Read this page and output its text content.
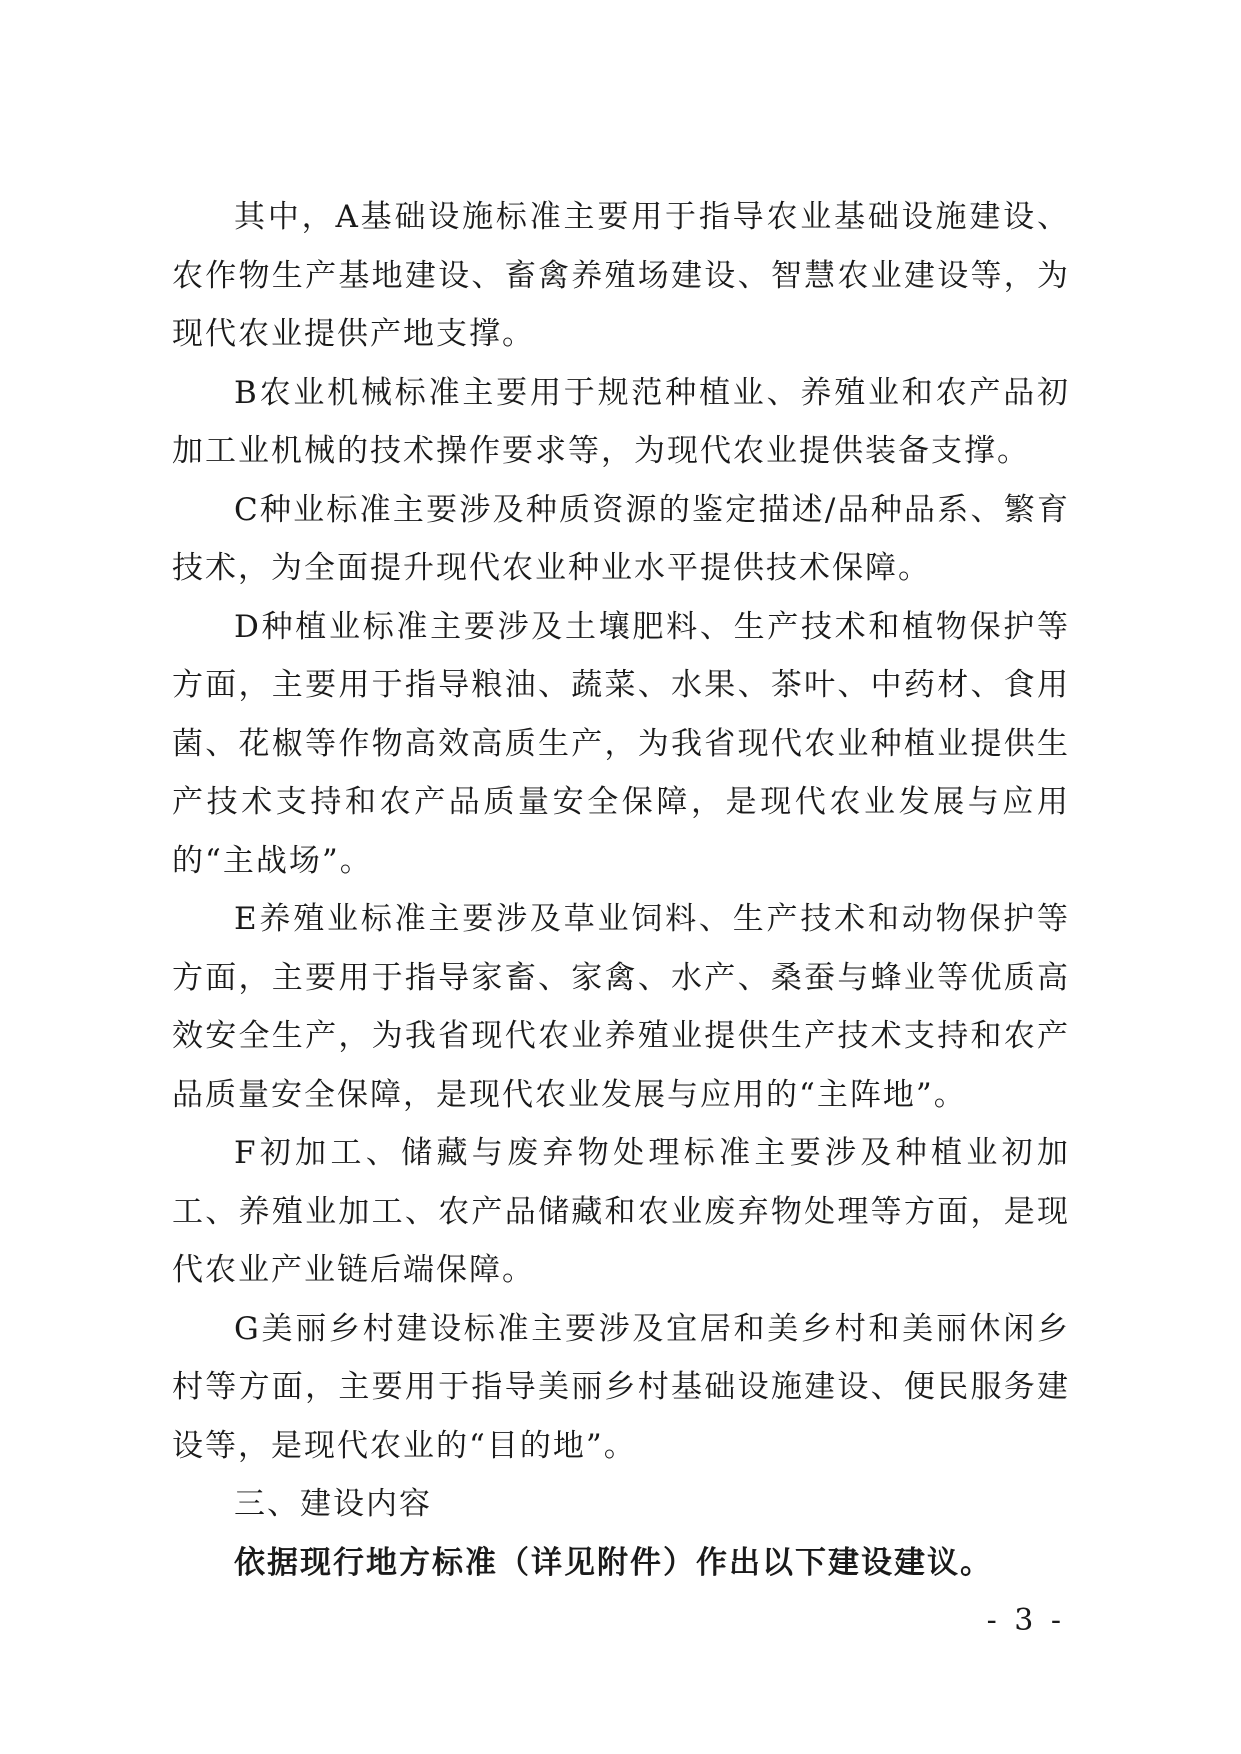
其中，A基础设施标准主要用于指导农业基础设施建设、农作物生产基地建设、畜禽养殖场建设、智慧农业建设等，为现代农业提供产地支撑。

B农业机械标准主要用于规范种植业、养殖业和农产品初加工业机械的技术操作要求等，为现代农业提供装备支撑。

C种业标准主要涉及种质资源的鉴定描述/品种品系、繁育技术，为全面提升现代农业种业水平提供技术保障。

D种植业标准主要涉及土壤肥料、生产技术和植物保护等方面，主要用于指导粮油、蔬菜、水果、茶叶、中药材、食用菌、花椒等作物高效高质生产，为我省现代农业种植业提供生产技术支持和农产品质量安全保障，是现代农业发展与应用的“主战场”。

E养殖业标准主要涉及草业饲料、生产技术和动物保护等方面，主要用于指导家畜、家禽、水产、桑蚕与蜂业等优质高效安全生产，为我省现代农业养殖业提供生产技术支持和农产品质量安全保障，是现代农业发展与应用的“主阵地”。

F初加工、储藏与废弃物处理标准主要涉及种植业初加工、养殖业加工、农产品储藏和农业废弃物处理等方面，是现代农业产业链后端保障。

G美丽乡村建设标准主要涉及宜居和美乡村和美丽休闲乡村等方面，主要用于指导美丽乡村基础设施建设、便民服务建设等，是现代农业的“目的地”。

三、建设内容

依据现行地方标准（详见附件）作出以下建设建议。

- 3 -
